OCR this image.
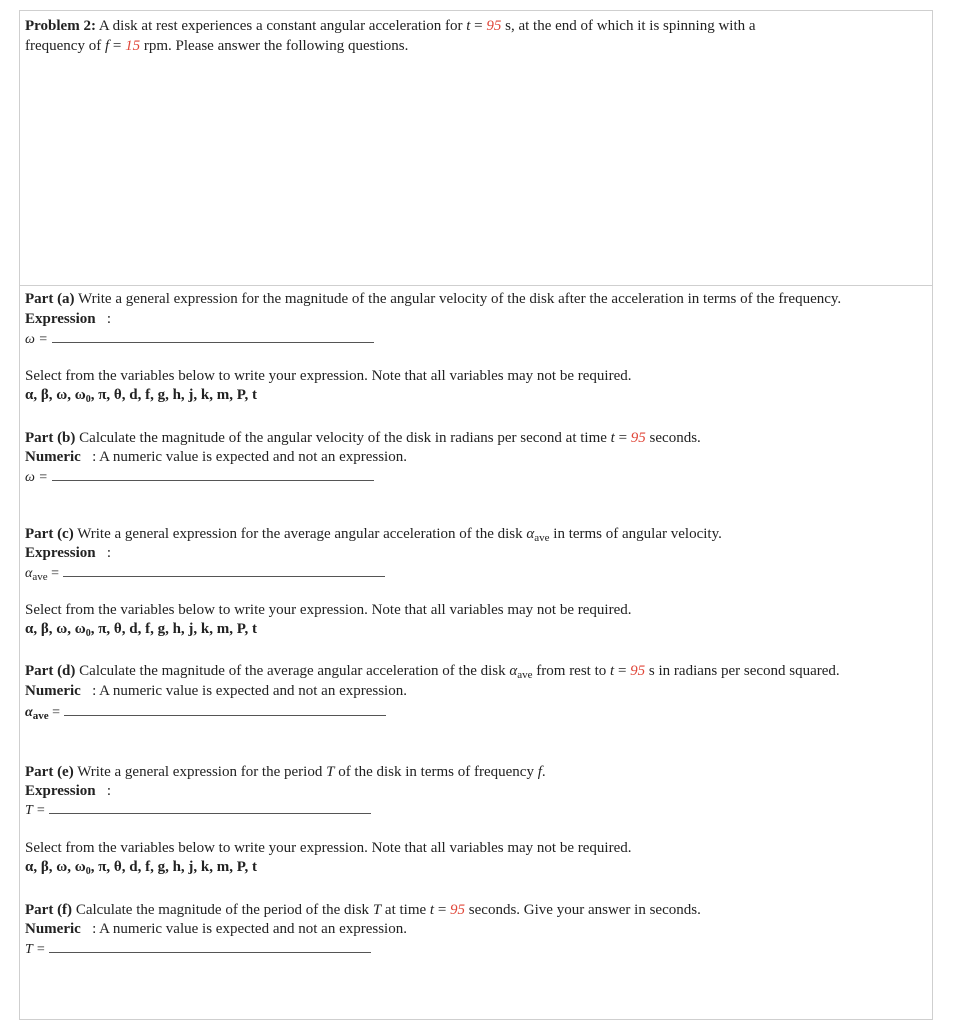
Problem 2: A disk at rest experiences a constant angular acceleration for t = 95 s, at the end of which it is spinning with a
frequency of f = 15 rpm. Please answer the following questions.
Part (a) Write a general expression for the magnitude of the angular velocity of the disk after the acceleration in terms of the frequency.
Expression :
ω =
Select from the variables below to write your expression. Note that all variables may not be required.
α, β, ω, $\omega_0$, π, θ, d, f, g, h, j, k, m, P, t
Part (b) Calculate the magnitude of the angular velocity of the disk in radians per second at time t = 95 seconds.
Numeric : A numeric value is expected and not an expression.
ω =
Part (c) Write a general expression for the average angular acceleration of the disk $\alpha_{ave}$ in terms of angular velocity.
Expression :
$\alpha_{ave}$ =
Select from the variables below to write your expression. Note that all variables may not be required.
α, β, ω, $\omega_0$, π, θ, d, f, g, h, j, k, m, P, t
Part (d) Calculate the magnitude of the average angular acceleration of the disk $\alpha_{ave}$ from rest to t = 95 s in radians per second squared.
Numeric : A numeric value is expected and not an expression.
$\alpha_{ave}$ =
Part (e) Write a general expression for the period T of the disk in terms of frequency f.
Expression :
T =
Select from the variables below to write your expression. Note that all variables may not be required.
α, β, ω, $\omega_0$, π, θ, d, f, g, h, j, k, m, P, t
Part (f) Calculate the magnitude of the period of the disk T at time t = 95 seconds. Give your answer in seconds.
Numeric : A numeric value is expected and not an expression.
T =
